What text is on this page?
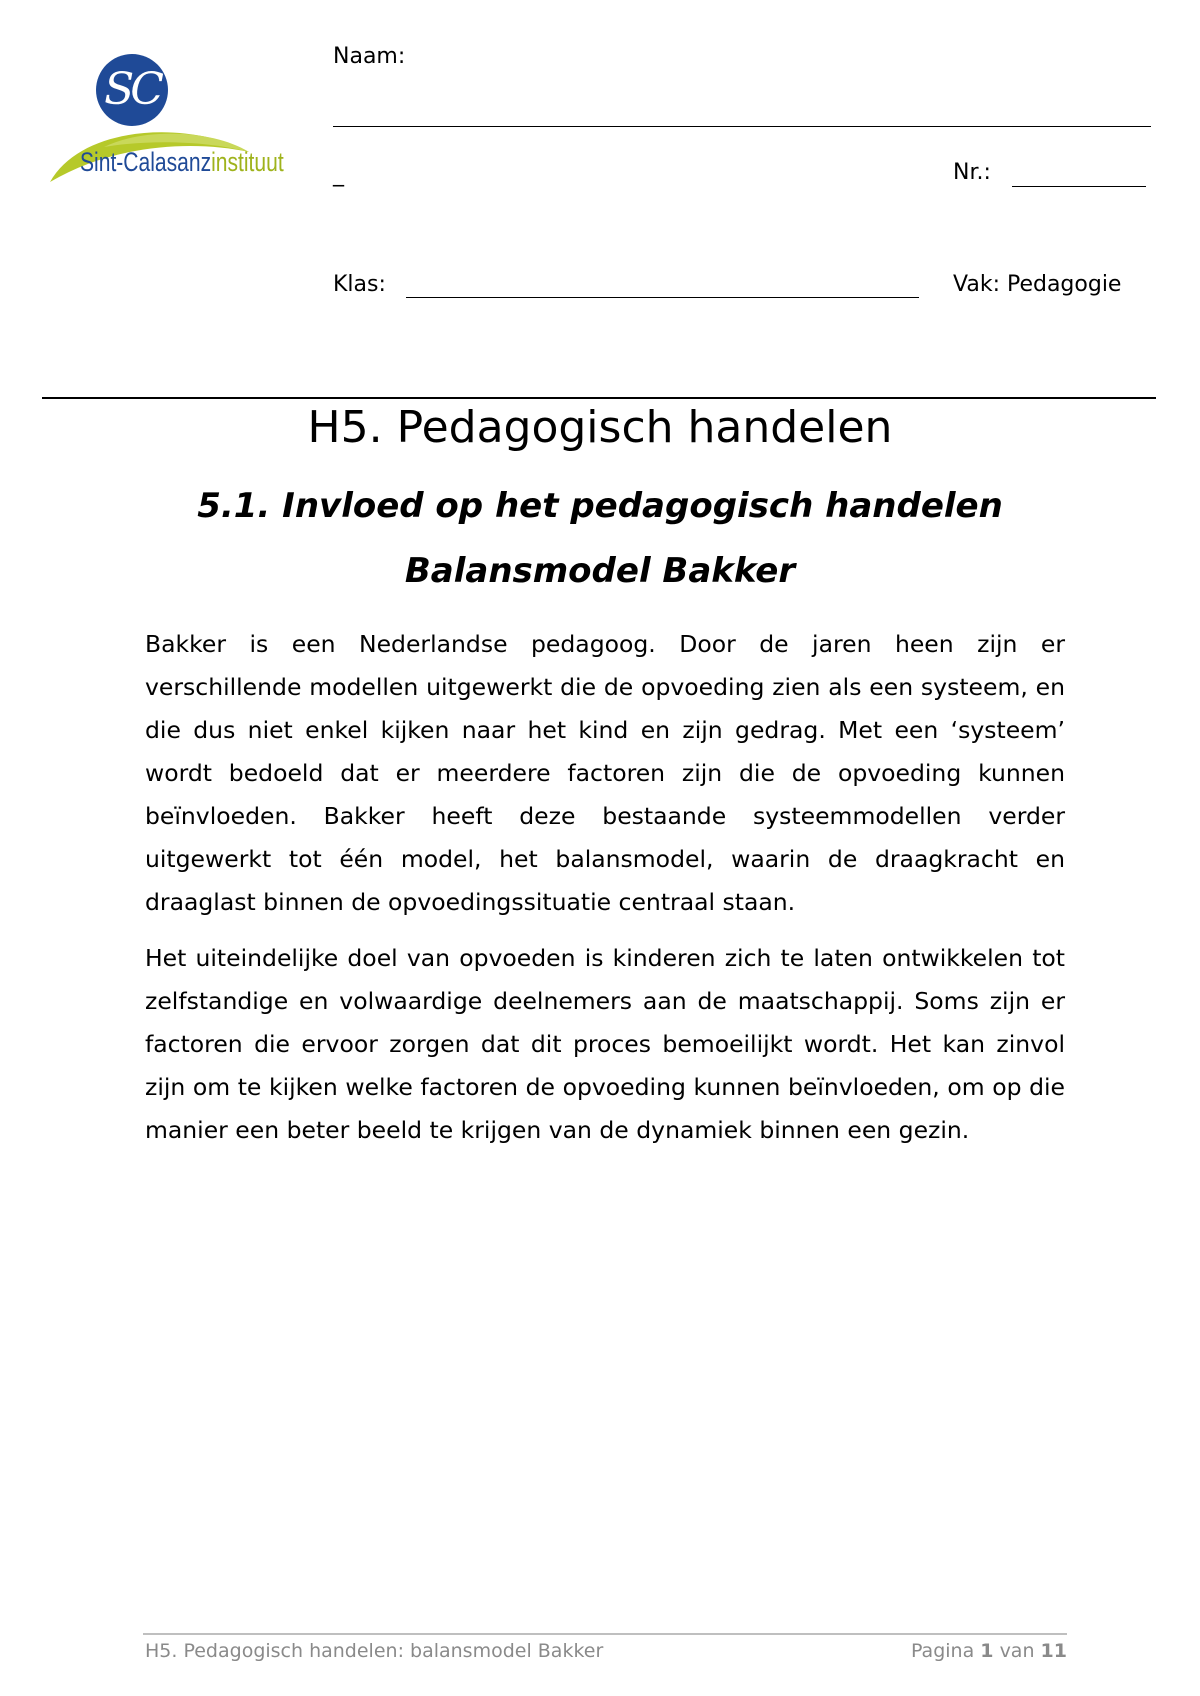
SC
Sint-Calasanzinstituut
Naam:
_	Nr.:
Klas:	Vak: Pedagogie
H5. Pedagogisch handelen
5.1. Invloed op het pedagogisch handelen
Balansmodel Bakker

Bakker is een Nederlandse pedagoog. Door de jaren heen zijn er verschillende modellen uitgewerkt die de opvoeding zien als een systeem, en die dus niet enkel kijken naar het kind en zijn gedrag. Met een ‘systeem’ wordt bedoeld dat er meerdere factoren zijn die de opvoeding kunnen beïnvloeden. Bakker heeft deze bestaande systeemmodellen verder uitgewerkt tot één model, het balansmodel, waarin de draagkracht en draaglast binnen de opvoedingssituatie centraal staan.

Het uiteindelijke doel van opvoeden is kinderen zich te laten ontwikkelen tot zelfstandige en volwaardige deelnemers aan de maatschappij. Soms zijn er factoren die ervoor zorgen dat dit proces bemoeilijkt wordt. Het kan zinvol zijn om te kijken welke factoren de opvoeding kunnen beïnvloeden, om op die manier een beter beeld te krijgen van de dynamiek binnen een gezin.

H5. Pedagogisch handelen: balansmodel Bakker	Pagina 1 van 11
